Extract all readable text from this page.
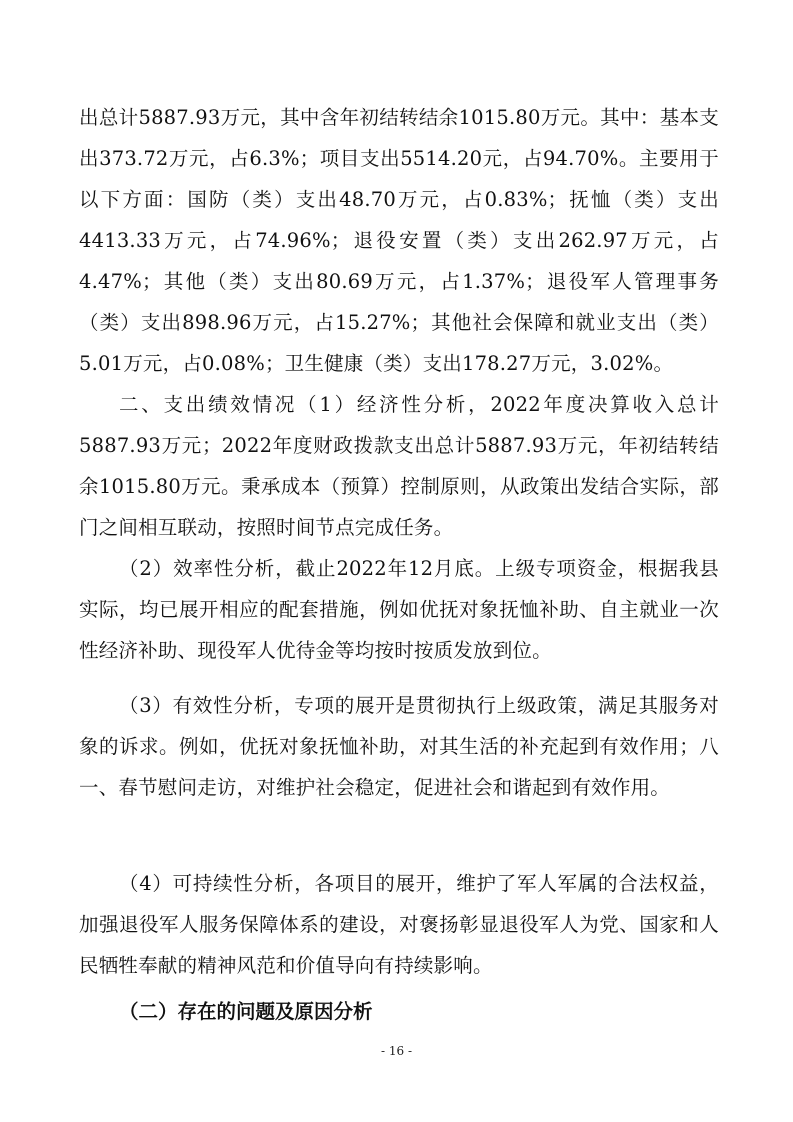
出总计5887.93万元，其中含年初结转结余1015.80万元。其中：基本支出373.72万元，占6.3%；项目支出5514.20元，占94.70%。主要用于以下方面：国防（类）支出48.70万元，占0.83%；抚恤（类）支出4413.33万元，占74.96%；退役安置（类）支出262.97万元，占4.47%；其他（类）支出80.69万元，占1.37%；退役军人管理事务（类）支出898.96万元，占15.27%；其他社会保障和就业支出（类）5.01万元，占0.08%；卫生健康（类）支出178.27万元，3.02%。

二、支出绩效情况（1）经济性分析，2022年度决算收入总计5887.93万元；2022年度财政拨款支出总计5887.93万元，年初结转结余1015.80万元。秉承成本（预算）控制原则，从政策出发结合实际，部门之间相互联动，按照时间节点完成任务。

（2）效率性分析，截止2022年12月底。上级专项资金，根据我县实际，均已展开相应的配套措施，例如优抚对象抚恤补助、自主就业一次性经济补助、现役军人优待金等均按时按质发放到位。

（3）有效性分析，专项的展开是贯彻执行上级政策，满足其服务对象的诉求。例如，优抚对象抚恤补助，对其生活的补充起到有效作用；八一、春节慰问走访，对维护社会稳定，促进社会和谐起到有效作用。

（4）可持续性分析，各项目的展开，维护了军人军属的合法权益，加强退役军人服务保障体系的建设，对褒扬彰显退役军人为党、国家和人民牺牲奉献的精神风范和价值导向有持续影响。

（二）存在的问题及原因分析

- 16 -
